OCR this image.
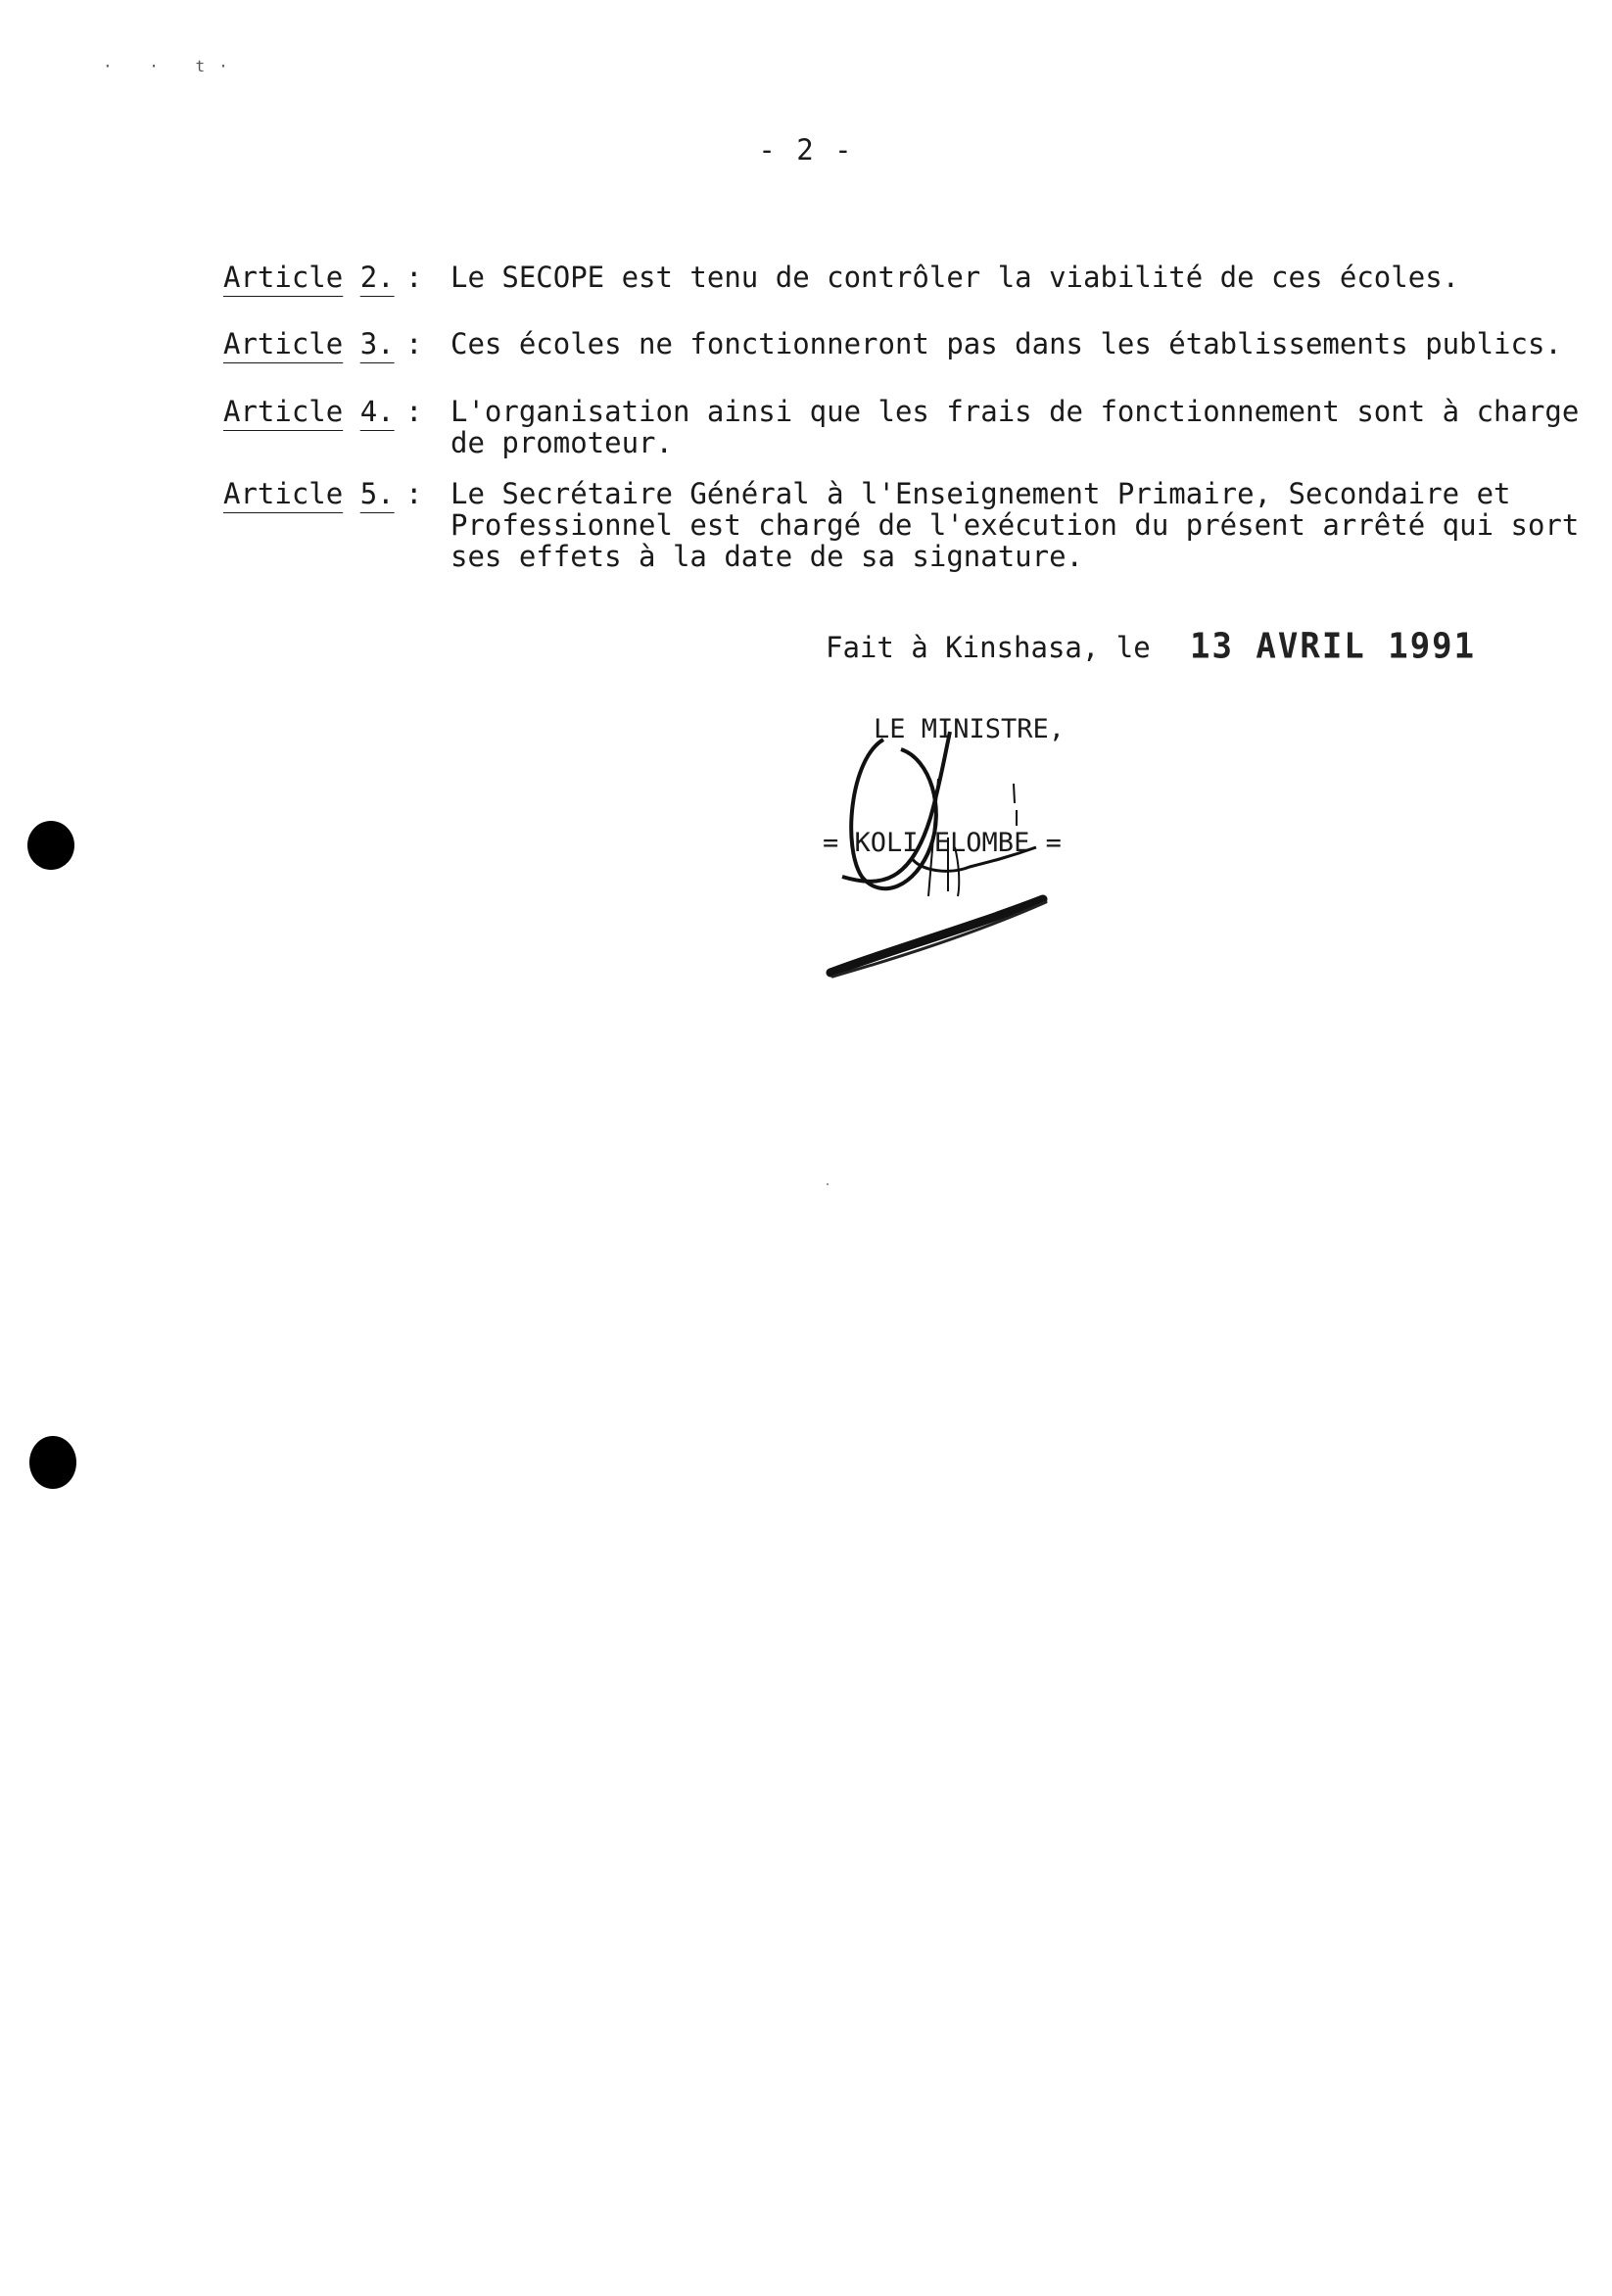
· · t·
- 2 -
Article 2. : Le SECOPE est tenu de contrôler la viabilité de ces écoles.
Article 3. : Ces écoles ne fonctionneront pas dans les établissements publics.
Article 4. : L'organisation ainsi que les frais de fonctionnement sont à charge
de promoteur.
Article 5. : Le Secrétaire Général à l'Enseignement Primaire, Secondaire et
Professionnel est chargé de l'exécution du présent arrêté qui sort
ses effets à la date de sa signature.
Fait à Kinshasa, le 13 AVRIL 1991
LE MINISTRE,
= KOLI ELOMBE =
